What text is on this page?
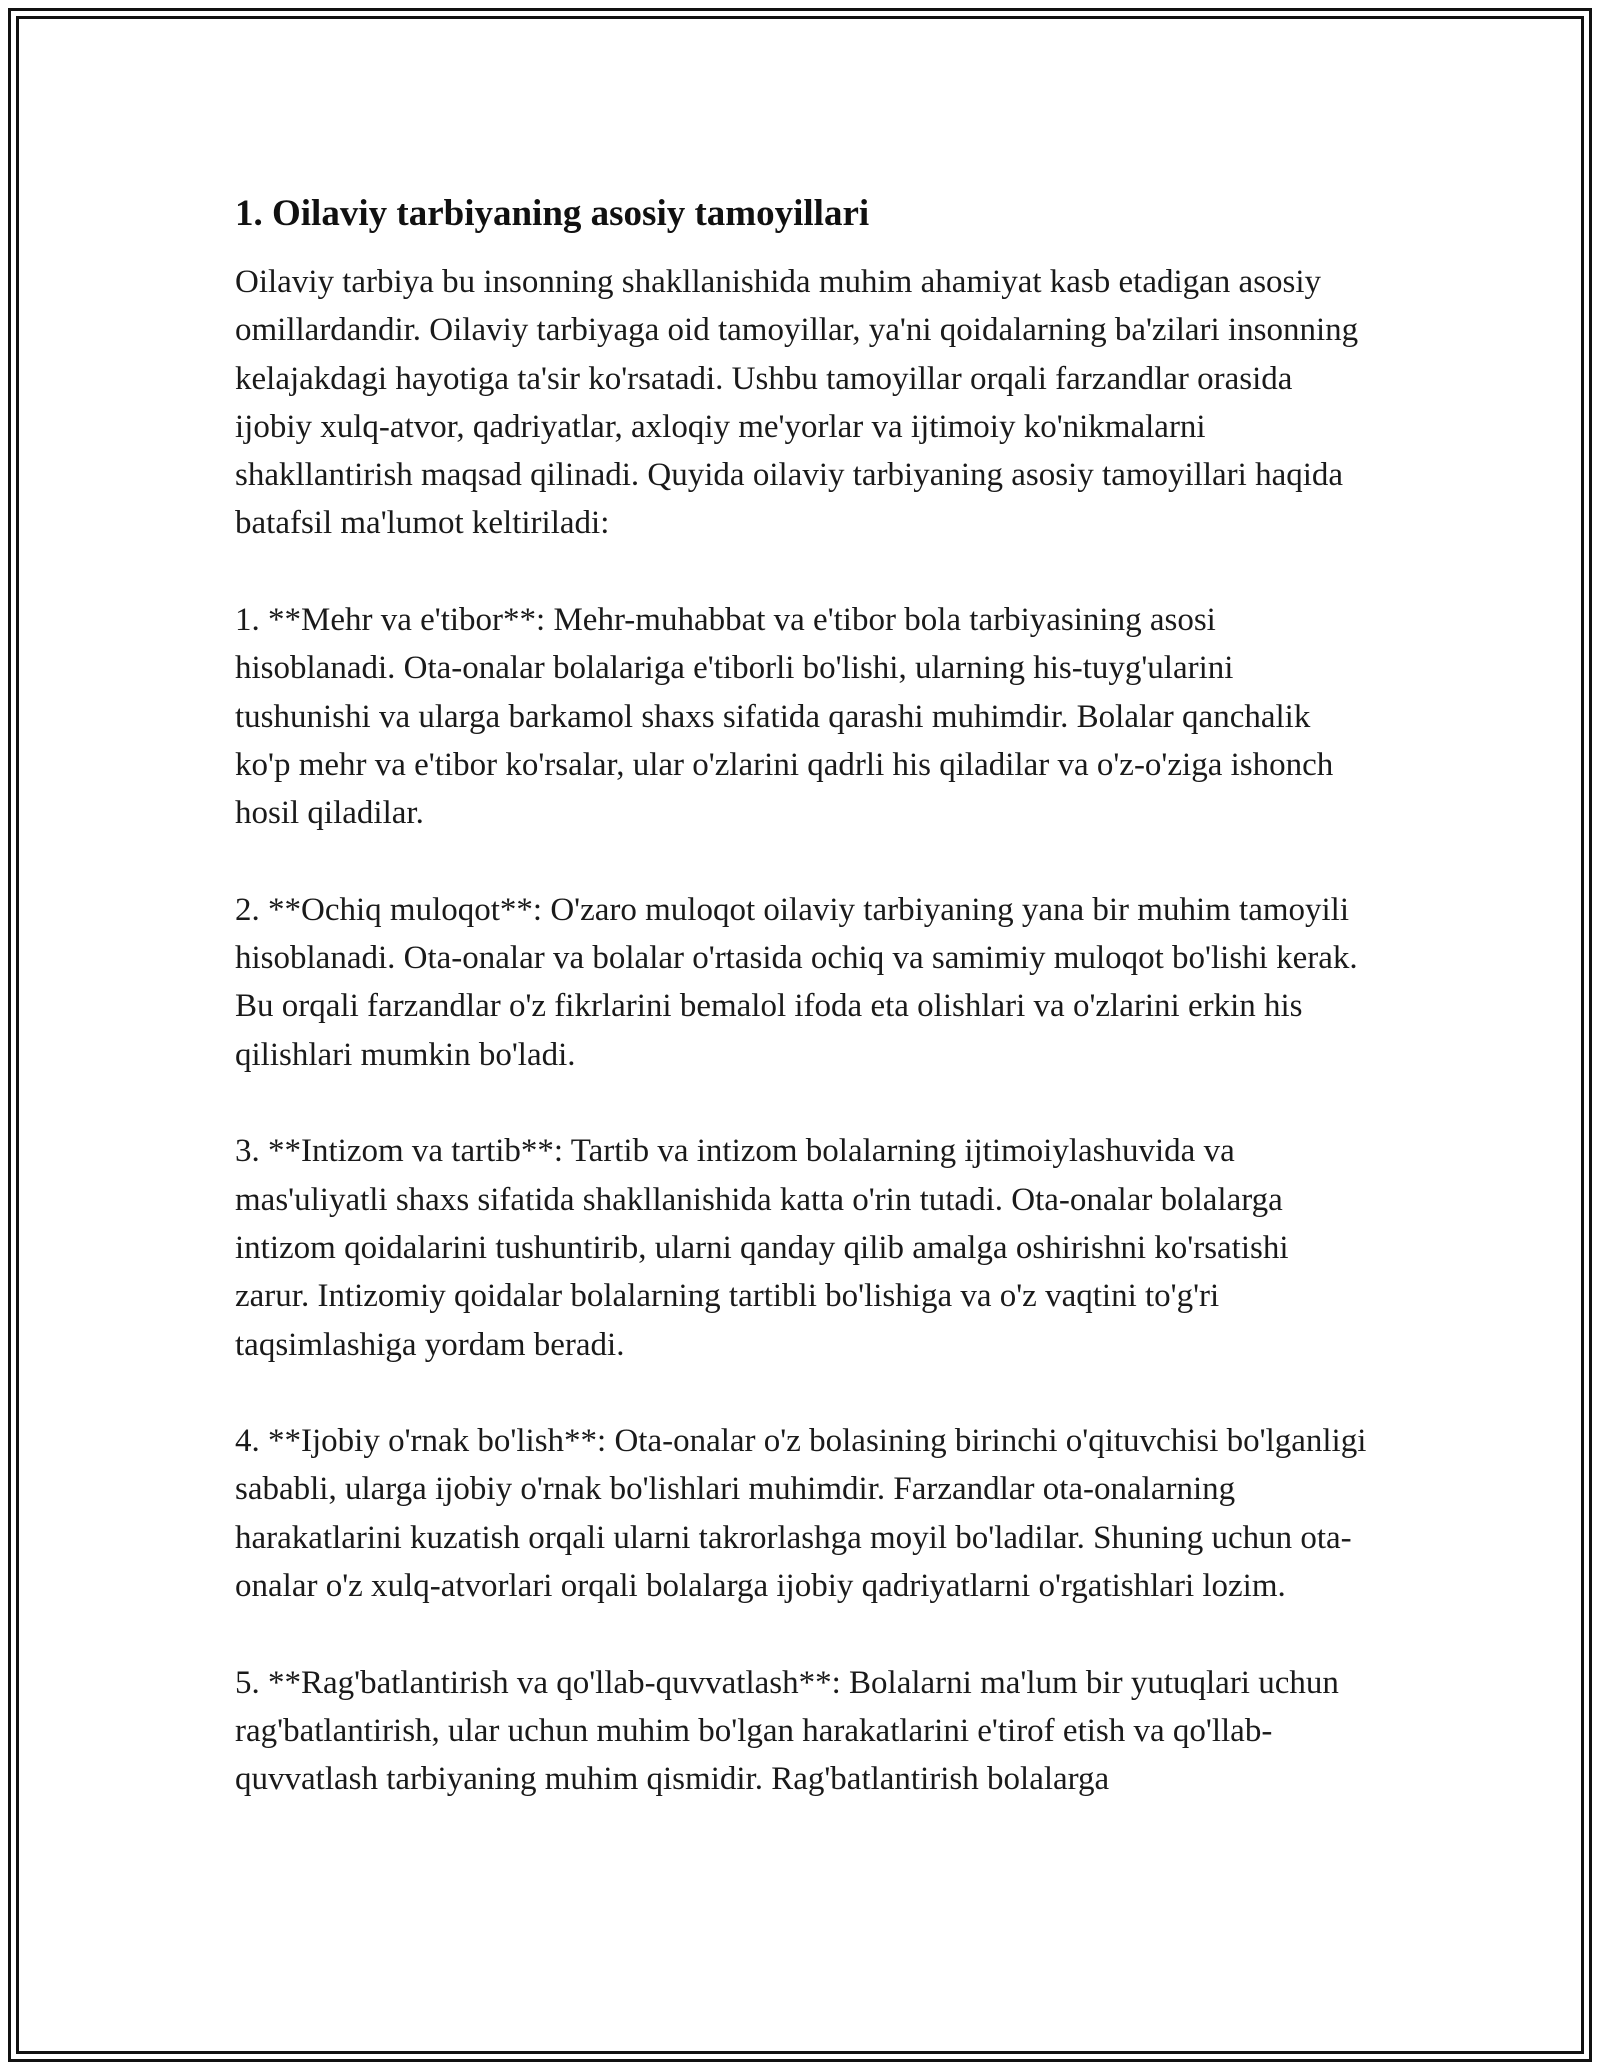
1. Oilaviy tarbiyaning asosiy tamoyillari

Oilaviy tarbiya bu insonning shakllanishida muhim ahamiyat kasb etadigan asosiy omillardandir. Oilaviy tarbiyaga oid tamoyillar, ya'ni qoidalarning ba'zilari insonning kelajakdagi hayotiga ta'sir ko'rsatadi. Ushbu tamoyillar orqali farzandlar orasida ijobiy xulq-atvor, qadriyatlar, axloqiy me'yorlar va ijtimoiy ko'nikmalarni shakllantirish maqsad qilinadi. Quyida oilaviy tarbiyaning asosiy tamoyillari haqida batafsil ma'lumot keltiriladi:

1. **Mehr va e'tibor**: Mehr-muhabbat va e'tibor bola tarbiyasining asosi hisoblanadi. Ota-onalar bolalariga e'tiborli bo'lishi, ularning his-tuyg'ularini tushunishi va ularga barkamol shaxs sifatida qarashi muhimdir. Bolalar qanchalik ko'p mehr va e'tibor ko'rsalar, ular o'zlarini qadrli his qiladilar va o'z-o'ziga ishonch hosil qiladilar.

2. **Ochiq muloqot**: O'zaro muloqot oilaviy tarbiyaning yana bir muhim tamoyili hisoblanadi. Ota-onalar va bolalar o'rtasida ochiq va samimiy muloqot bo'lishi kerak. Bu orqali farzandlar o'z fikrlarini bemalol ifoda eta olishlari va o'zlarini erkin his qilishlari mumkin bo'ladi.

3. **Intizom va tartib**: Tartib va intizom bolalarning ijtimoiylashuvida va mas'uliyatli shaxs sifatida shakllanishida katta o'rin tutadi. Ota-onalar bolalarga intizom qoidalarini tushuntirib, ularni qanday qilib amalga oshirishni ko'rsatishi zarur. Intizomiy qoidalar bolalarning tartibli bo'lishiga va o'z vaqtini to'g'ri taqsimlashiga yordam beradi.

4. **Ijobiy o'rnak bo'lish**: Ota-onalar o'z bolasining birinchi o'qituvchisi bo'lganligi sababli, ularga ijobiy o'rnak bo'lishlari muhimdir. Farzandlar ota-onalarning harakatlarini kuzatish orqali ularni takrorlashga moyil bo'ladilar. Shuning uchun ota-onalar o'z xulq-atvorlari orqali bolalarga ijobiy qadriyatlarni o'rgatishlari lozim.

5. **Rag'batlantirish va qo'llab-quvvatlash**: Bolalarni ma'lum bir yutuqlari uchun rag'batlantirish, ular uchun muhim bo'lgan harakatlarini e'tirof etish va qo'llab-quvvatlash tarbiyaning muhim qismidir. Rag'batlantirish bolalarga
